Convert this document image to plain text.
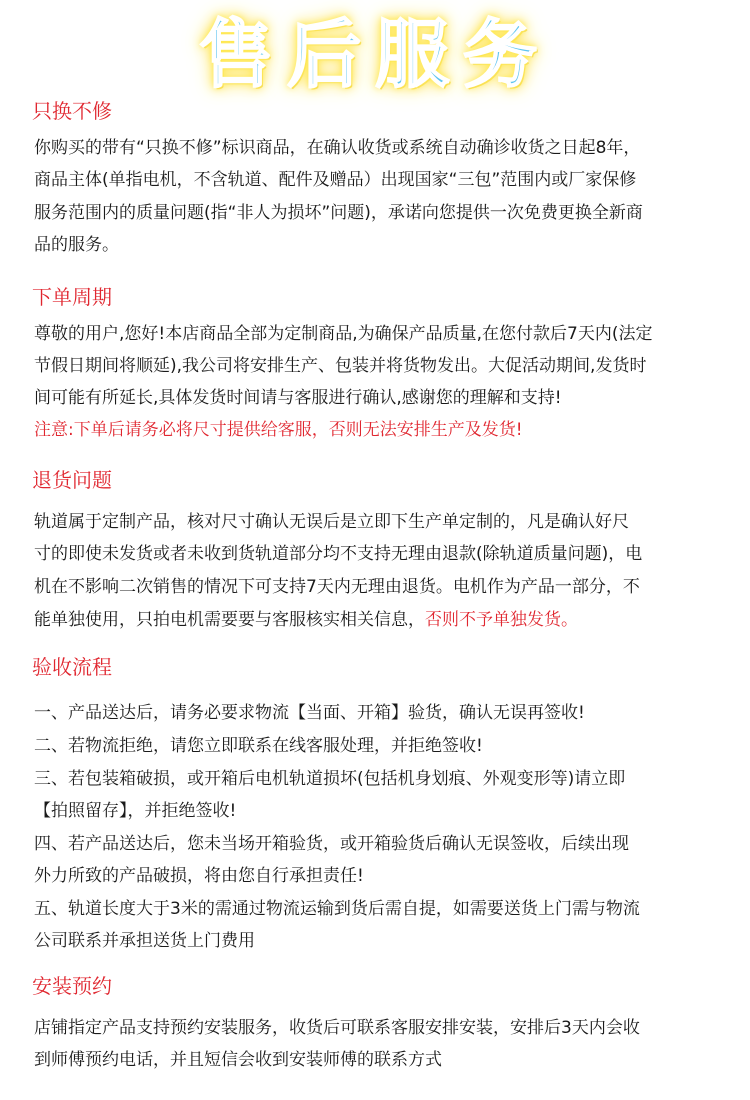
售后服务
只换不修
你购买的带有“只换不修”标识商品，在确认收货或系统自动确诊收货之日起8年，
商品主体(单指电机，不含轨道、配件及赠品）出现国家“三包”范围内或厂家保修
服务范围内的质量问题(指“非人为损坏”问题)，承诺向您提供一次免费更换全新商
品的服务。
下单周期
尊敬的用户,您好!本店商品全部为定制商品,为确保产品质量,在您付款后7天内(法定
节假日期间将顺延),我公司将安排生产、包装并将货物发出。大促活动期间,发货时
间可能有所延长,具体发货时间请与客服进行确认,感谢您的理解和支持!
注意:下单后请务必将尺寸提供给客服，否则无法安排生产及发货!
退货问题
轨道属于定制产品，核对尺寸确认无误后是立即下生产单定制的，凡是确认好尺
寸的即使未发货或者未收到货轨道部分均不支持无理由退款(除轨道质量问题)，电
机在不影响二次销售的情况下可支持7天内无理由退货。电机作为产品一部分，不
能单独使用，只拍电机需要要与客服核实相关信息，否则不予单独发货。
验收流程
一、产品送达后，请务必要求物流【当面、开箱】验货，确认无误再签收!
二、若物流拒绝，请您立即联系在线客服处理，并拒绝签收!
三、若包装箱破损，或开箱后电机轨道损坏(包括机身划痕、外观变形等)请立即
【拍照留存】，并拒绝签收!
四、若产品送达后，您未当场开箱验货，或开箱验货后确认无误签收，后续出现
外力所致的产品破损，将由您自行承担责任!
五、轨道长度大于3米的需通过物流运输到货后需自提，如需要送货上门需与物流
公司联系并承担送货上门费用
安装预约
店铺指定产品支持预约安装服务，收货后可联系客服安排安装，安排后3天内会收
到师傅预约电话，并且短信会收到安装师傅的联系方式
